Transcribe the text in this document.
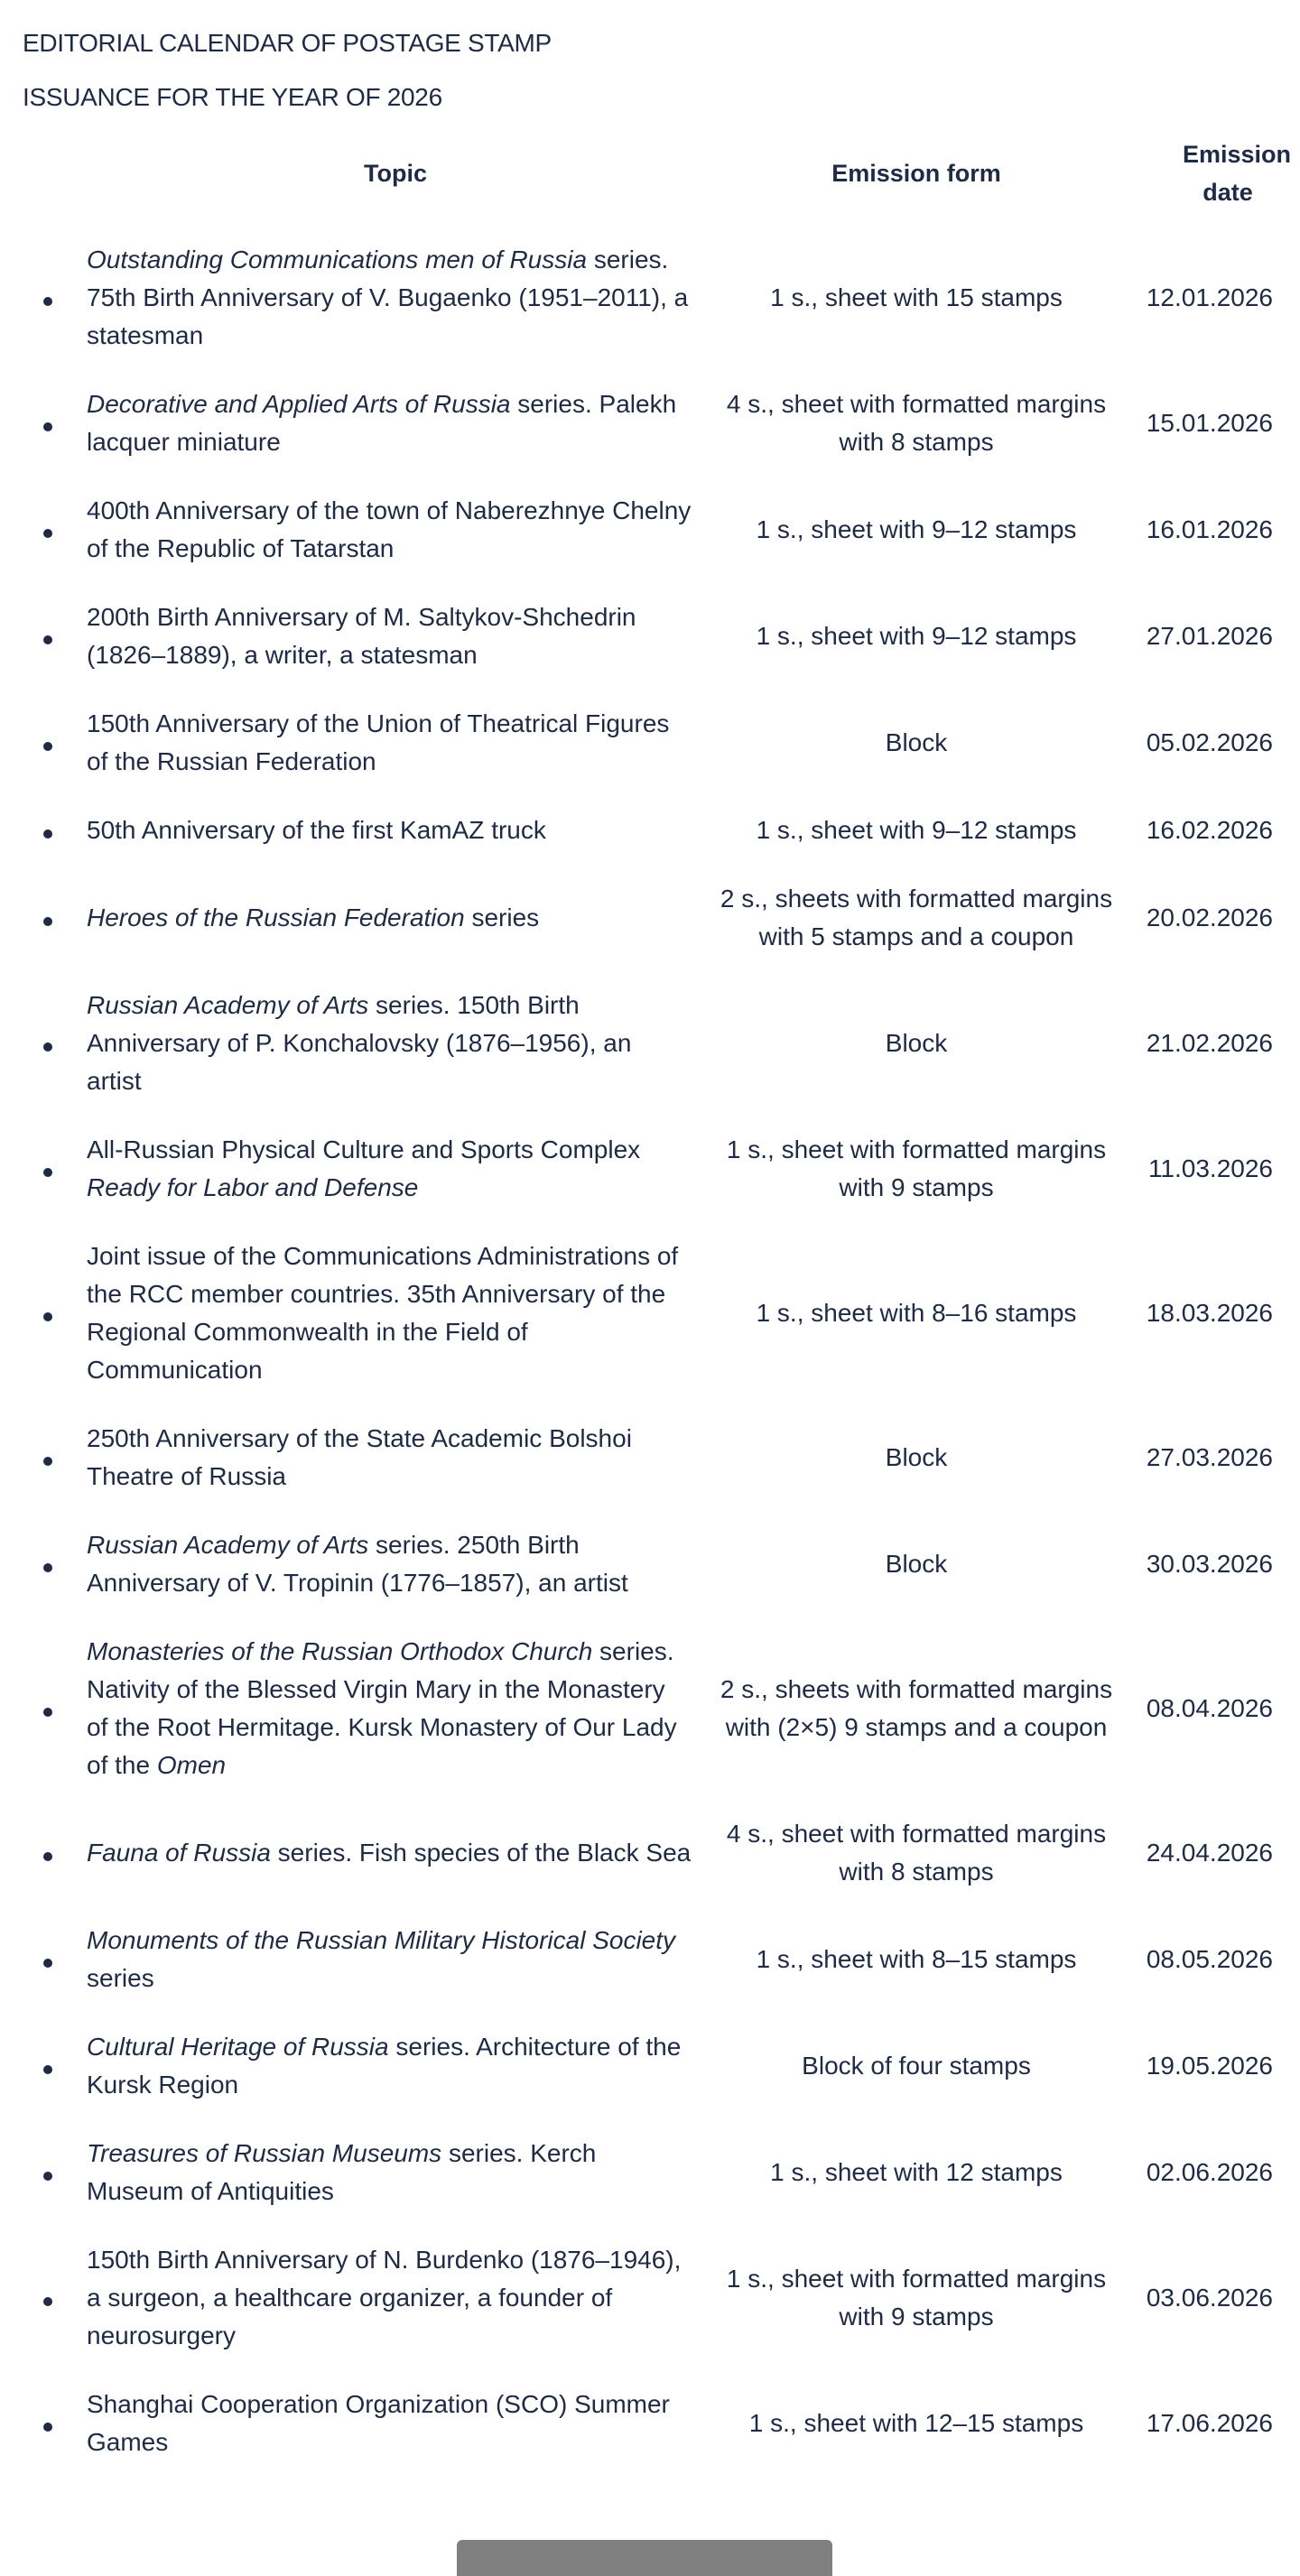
EDITORIAL CALENDAR OF POSTAGE STAMP
ISSUANCE FOR THE YEAR OF 2026
	Topic	Emission form	Emission
date
	Outstanding Communications men of Russia series. 75th Birth Anniversary of V. Bugaenko (1951–2011), a statesman	1 s., sheet with 15 stamps	12.01.2026
	Decorative and Applied Arts of Russia series. Palekh lacquer miniature	4 s., sheet with formatted margins with 8 stamps	15.01.2026
	400th Anniversary of the town of Naberezhnye Chelny of the Republic of Tatarstan	1 s., sheet with 9–12 stamps	16.01.2026
	200th Birth Anniversary of M. Saltykov-Shchedrin (1826–1889), a writer, a statesman	1 s., sheet with 9–12 stamps	27.01.2026
	150th Anniversary of the Union of Theatrical Figures of the Russian Federation	Block	05.02.2026
	50th Anniversary of the first KamAZ truck	1 s., sheet with 9–12 stamps	16.02.2026
	Heroes of the Russian Federation series	2 s., sheets with formatted margins with 5 stamps and a coupon	20.02.2026
	Russian Academy of Arts series. 150th Birth Anniversary of P. Konchalovsky (1876–1956), an artist	Block	21.02.2026
	All-Russian Physical Culture and Sports Complex Ready for Labor and Defense	1 s., sheet with formatted margins with 9 stamps	11.03.2026
	Joint issue of the Communications Administrations of the RCC member countries. 35th Anniversary of the Regional Commonwealth in the Field of Communication	1 s., sheet with 8–16 stamps	18.03.2026
	250th Anniversary of the State Academic Bolshoi Theatre of Russia	Block	27.03.2026
	Russian Academy of Arts series. 250th Birth Anniversary of V. Tropinin (1776–1857), an artist	Block	30.03.2026
	Monasteries of the Russian Orthodox Church series. Nativity of the Blessed Virgin Mary in the Monastery of the Root Hermitage. Kursk Monastery of Our Lady of the Omen	2 s., sheets with formatted margins with (2×5) 9 stamps and a coupon	08.04.2026
	Fauna of Russia series. Fish species of the Black Sea	4 s., sheet with formatted margins with 8 stamps	24.04.2026
	Monuments of the Russian Military Historical Society series	1 s., sheet with 8–15 stamps	08.05.2026
	Cultural Heritage of Russia series. Architecture of the Kursk Region	Block of four stamps	19.05.2026
	Treasures of Russian Museums series. Kerch Museum of Antiquities	1 s., sheet with 12 stamps	02.06.2026
	150th Birth Anniversary of N. Burdenko (1876–1946), a surgeon, a healthcare organizer, a founder of neurosurgery	1 s., sheet with formatted margins with 9 stamps	03.06.2026
	Shanghai Cooperation Organization (SCO) Summer Games	1 s., sheet with 12–15 stamps	17.06.2026
